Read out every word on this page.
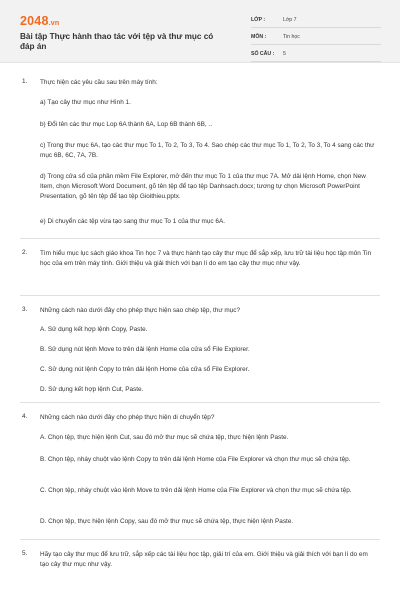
2048.vn
Bài tập Thực hành thao tác với tệp và thư mục có đáp án
LỚP :	Lớp 7
MÔN :	Tin học
SỐ CÂU :	5
1. Thực hiện các yêu cầu sau trên máy tính:
a) Tạo cây thư mục như Hình 1.
b) Đổi tên các thư mục Lop 6A thành 6A, Lop 6B thành 6B, ..
c) Trong thư mục 6A, tạo các thư mục To 1, To 2, To 3, To 4. Sao chép các thư mục To 1, To 2, To 3, To 4 sang các thư mục 6B, 6C, 7A, 7B.
d) Trong cửa sổ của phần mềm File Explorer, mở đến thư mục To 1 của thư mục 7A. Mở dải lệnh Home, chọn New Item, chọn Microsoft Word Document, gõ tên tệp để tạo tệp Danhsach.docx; tương tự chọn Microsoft PowerPoint Presentation, gõ tên tệp để tạo tệp Gioithieu.pptx.
e) Di chuyển các tệp vừa tạo sang thư mục To 1 của thư mục 6A.
2. Tìm hiểu mục lục sách giáo khoa Tin học 7 và thực hành tạo cây thư mục để sắp xếp, lưu trữ tài liệu học tập môn Tin học của em trên máy tính. Giới thiệu và giải thích với bạn lí do em tạo cây thư mục như vậy.
3. Những cách nào dưới đây cho phép thực hiện sao chép tệp, thư mục?
A. Sử dụng kết hợp lệnh Copy, Paste.
B. Sử dụng nút lệnh Move to trên dải lệnh Home của cửa sổ File Explorer.
C. Sử dụng nút lệnh Copy to trên dải lệnh Home của cửa sổ File Explorer.
D. Sử dụng kết hợp lệnh Cut, Paste.
4. Những cách nào dưới đây cho phép thực hiện di chuyển tệp?
A. Chọn tệp, thực hiện lệnh Cut, sau đó mở thư mục sẽ chứa tệp, thực hiện lệnh Paste.
B. Chọn tệp, nháy chuột vào lệnh Copy to trên dải lệnh Home của File Explorer và chọn thư mục sẽ chứa tệp.
C. Chọn tệp, nháy chuột vào lệnh Move to trên dải lệnh Home của File Explorer và chọn thư mục sẽ chứa tệp.
D. Chọn tệp, thực hiện lệnh Copy, sau đó mở thư mục sẽ chứa tệp, thực hiện lệnh Paste.
5. Hãy tạo cây thư mục để lưu trữ, sắp xếp các tài liệu học tập, giải trí của em. Giới thiệu và giải thích với bạn lí do em tạo cây thư mục như vậy.
